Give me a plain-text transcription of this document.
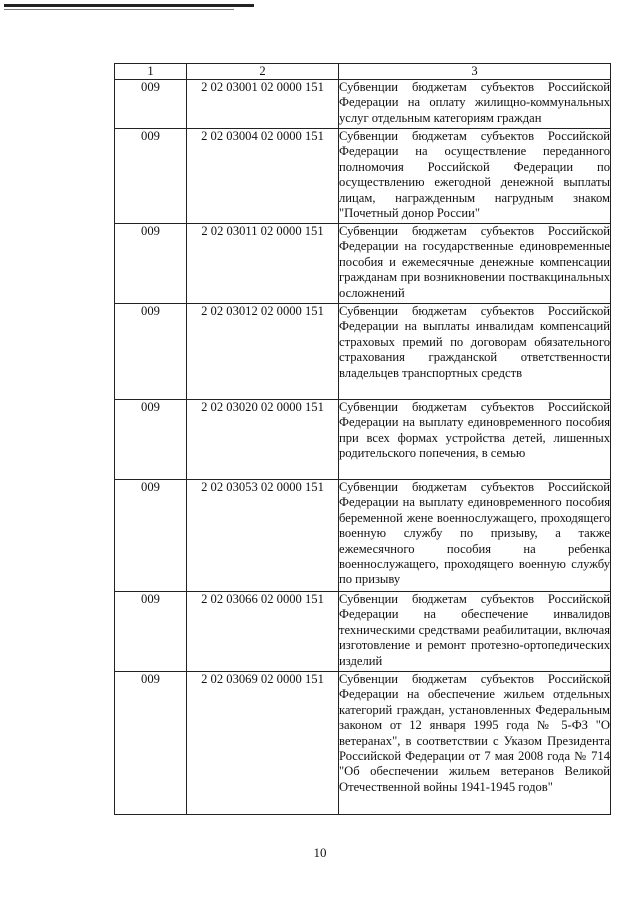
1	2	3
009	2 02 03001 02 0000 151	Субвенции бюджетам субъектов Российской Федерации на оплату жилищно-коммунальных услуг отдельным категориям граждан
009	2 02 03004 02 0000 151	Субвенции бюджетам субъектов Российской Федерации на осуществление переданного полномочия Российской Федерации по осуществлению ежегодной денежной выплаты лицам, награжденным нагрудным знаком "Почетный донор России"
009	2 02 03011 02 0000 151	Субвенции бюджетам субъектов Российской Федерации на государственные единовременные пособия и ежемесячные денежные компенсации гражданам при возникновении поствакцинальных осложнений
009	2 02 03012 02 0000 151	Субвенции бюджетам субъектов Российской Федерации на выплаты инвалидам компенсаций страховых премий по договорам обязательного страхования гражданской ответственности владельцев транспортных средств
009	2 02 03020 02 0000 151	Субвенции бюджетам субъектов Российской Федерации на выплату единовременного пособия при всех формах устройства детей, лишенных родительского попечения, в семью
009	2 02 03053 02 0000 151	Субвенции бюджетам субъектов Российской Федерации на выплату единовременного пособия беременной жене военнослужащего, проходящего военную службу по призыву, а также ежемесячного пособия на ребенка военнослужащего, проходящего военную службу по призыву
009	2 02 03066 02 0000 151	Субвенции бюджетам субъектов Российской Федерации на обеспечение инвалидов техническими средствами реабилитации, включая изготовление и ремонт протезно-ортопедических изделий
009	2 02 03069 02 0000 151	Субвенции бюджетам субъектов Российской Федерации на обеспечение жильем отдельных категорий граждан, установленных Федеральным законом от 12 января 1995 года № 5-ФЗ "О ветеранах", в соответствии с Указом Президента Российской Федерации от 7 мая 2008 года № 714 "Об обеспечении жильем ветеранов Великой Отечественной войны 1941-1945 годов"
10
